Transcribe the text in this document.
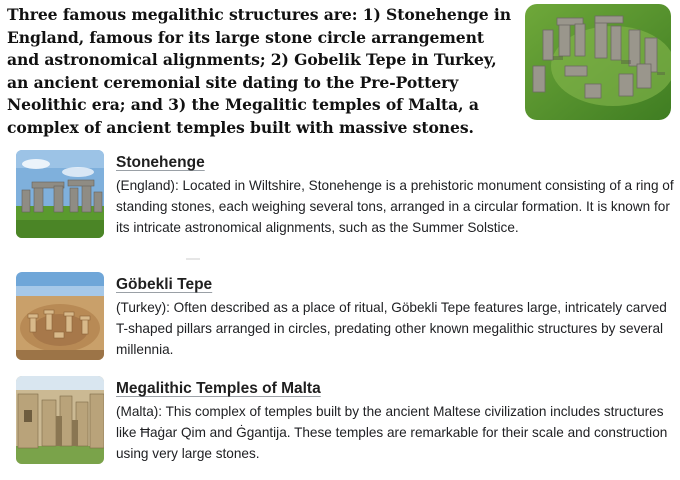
Three famous megalithic structures are: 1) Stonehenge in England, famous for its large stone circle arrangement and astronomical alignments; 2) Gobelik Tepe in Turkey, an ancient ceremonial site dating to the Pre-Pottery Neolithic era; and 3) the Megalitic temples of Malta, a complex of ancient temples built with massive stones.
Stonehenge
(England): Located in Wiltshire, Stonehenge is a prehistoric monument consisting of a ring of standing stones, each weighing several tons, arranged in a circular formation. It is known for its intricate astronomical alignments, such as the Summer Solstice.
Göbekli Tepe
(Turkey): Often described as a place of ritual, Göbekli Tepe features large, intricately carved T-shaped pillars arranged in circles, predating other known megalithic structures by several millennia.
Megalithic Temples of Malta
(Malta): This complex of temples built by the ancient Maltese civilization includes structures like Ħaġar Qim and Ġgantija. These temples are remarkable for their scale and construction using very large stones.
